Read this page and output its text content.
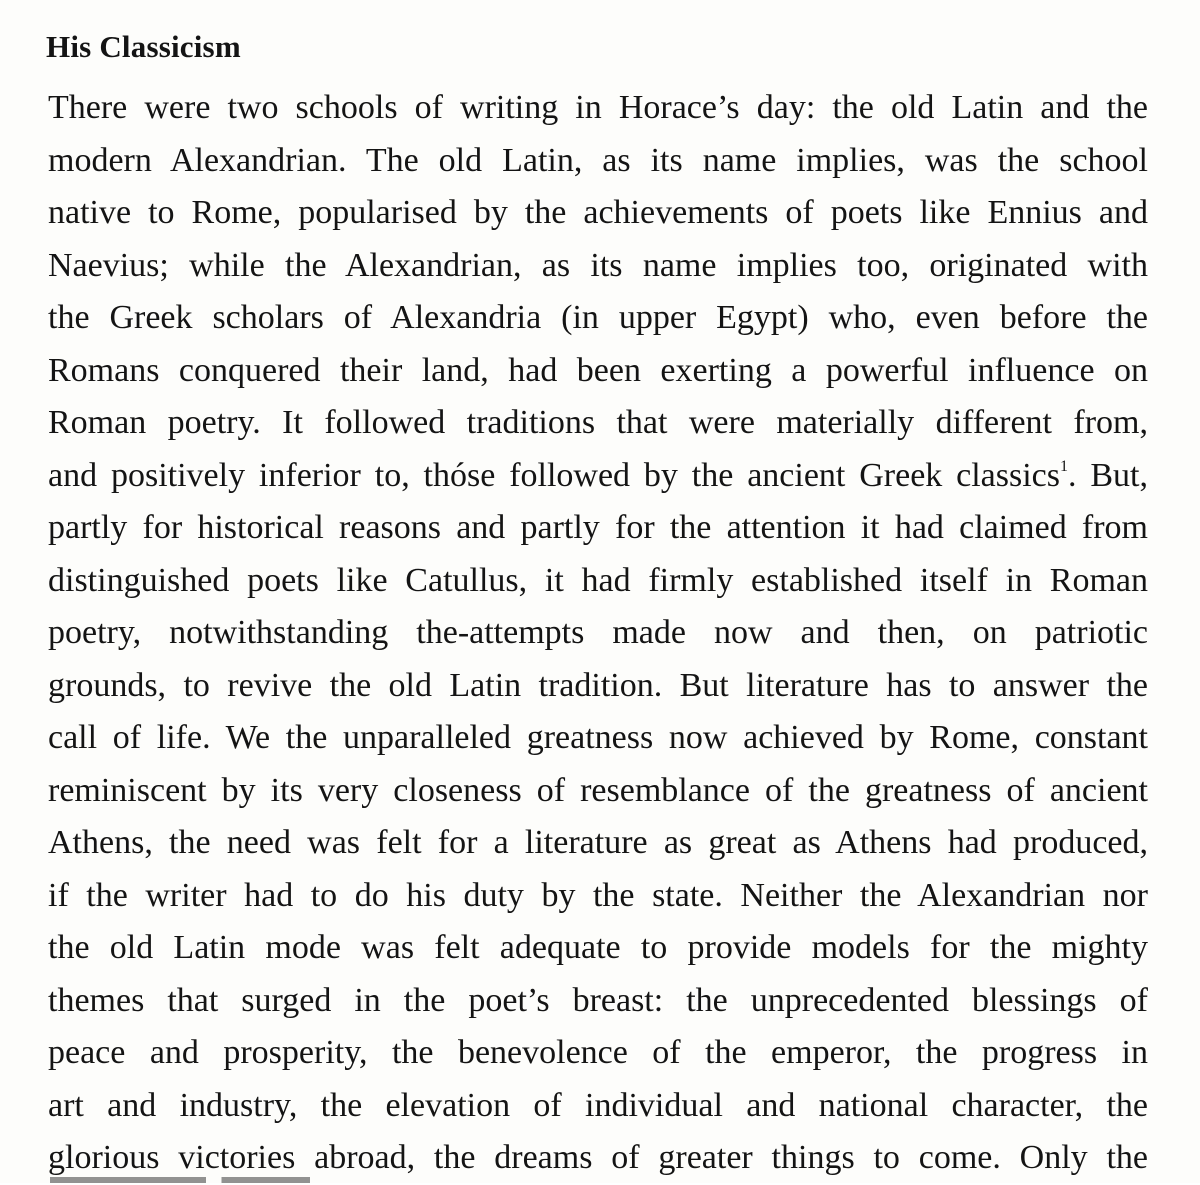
His Classicism
There were two schools of writing in Horace’s day: the old Latin and the
modern Alexandrian. The old Latin, as its name implies, was the school
native to Rome, popularised by the achievements of poets like Ennius and
Naevius; while the Alexandrian, as its name implies too, originated with
the Greek scholars of Alexandria (in upper Egypt) who, even before the
Romans conquered their land, had been exerting a powerful influence on
Roman poetry. It followed traditions that were materially different from,
and positively inferior to, thóse followed by the ancient Greek classics$^1$. But,
partly for historical reasons and partly for the attention it had claimed from
distinguished poets like Catullus, it had firmly established itself in Roman
poetry, notwithstanding the-attempts made now and then, on patriotic
grounds, to revive the old Latin tradition. But literature has to answer the
call of life. We the unparalleled greatness now achieved by Rome, constant
reminiscent by its very closeness of resemblance of the greatness of ancient
Athens, the need was felt for a literature as great as Athens had produced,
if the writer had to do his duty by the state. Neither the Alexandrian nor
the old Latin mode was felt adequate to provide models for the mighty
themes that surged in the poet’s breast: the unprecedented blessings of
peace and prosperity, the benevolence of the emperor, the progress in
art and industry, the elevation of individual and national character, the
glorious victories abroad, the dreams of greater things to come. Only the
